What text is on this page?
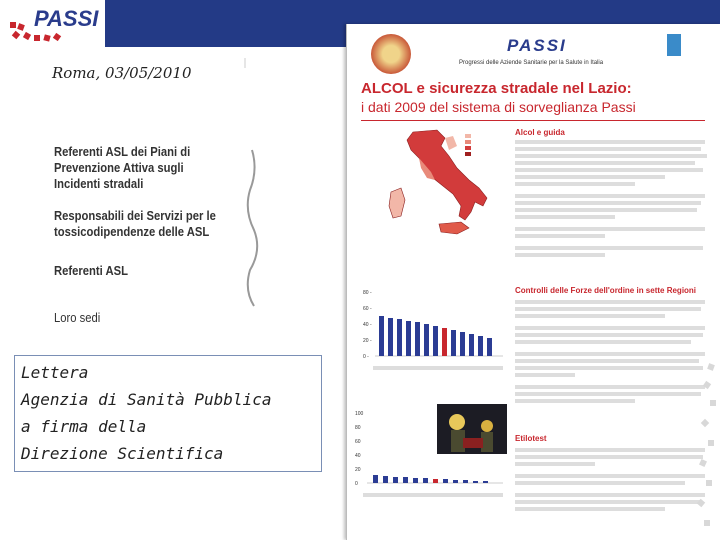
PASSI
Roma, 03/05/2010
Referenti ASL dei Piani di Prevenzione Attiva sugli Incidenti stradali
Responsabili dei Servizi per le tossicodipendenze delle ASL
Referenti ASL
Loro sedi
Lettera
Agenzia di Sanità Pubblica
a firma della
Direzione Scientifica
PASSI
Progressi delle Aziende Sanitarie per la Salute in Italia
ALCOL e sicurezza stradale nel Lazio:
i dati 2009 del sistema di sorveglianza Passi
Alcol e guida
Controlli delle Forze dell'ordine in sette Regioni
Etilotest
80 -
60 -
40 -
20 -
0 -
100
80
60
40
20
0
